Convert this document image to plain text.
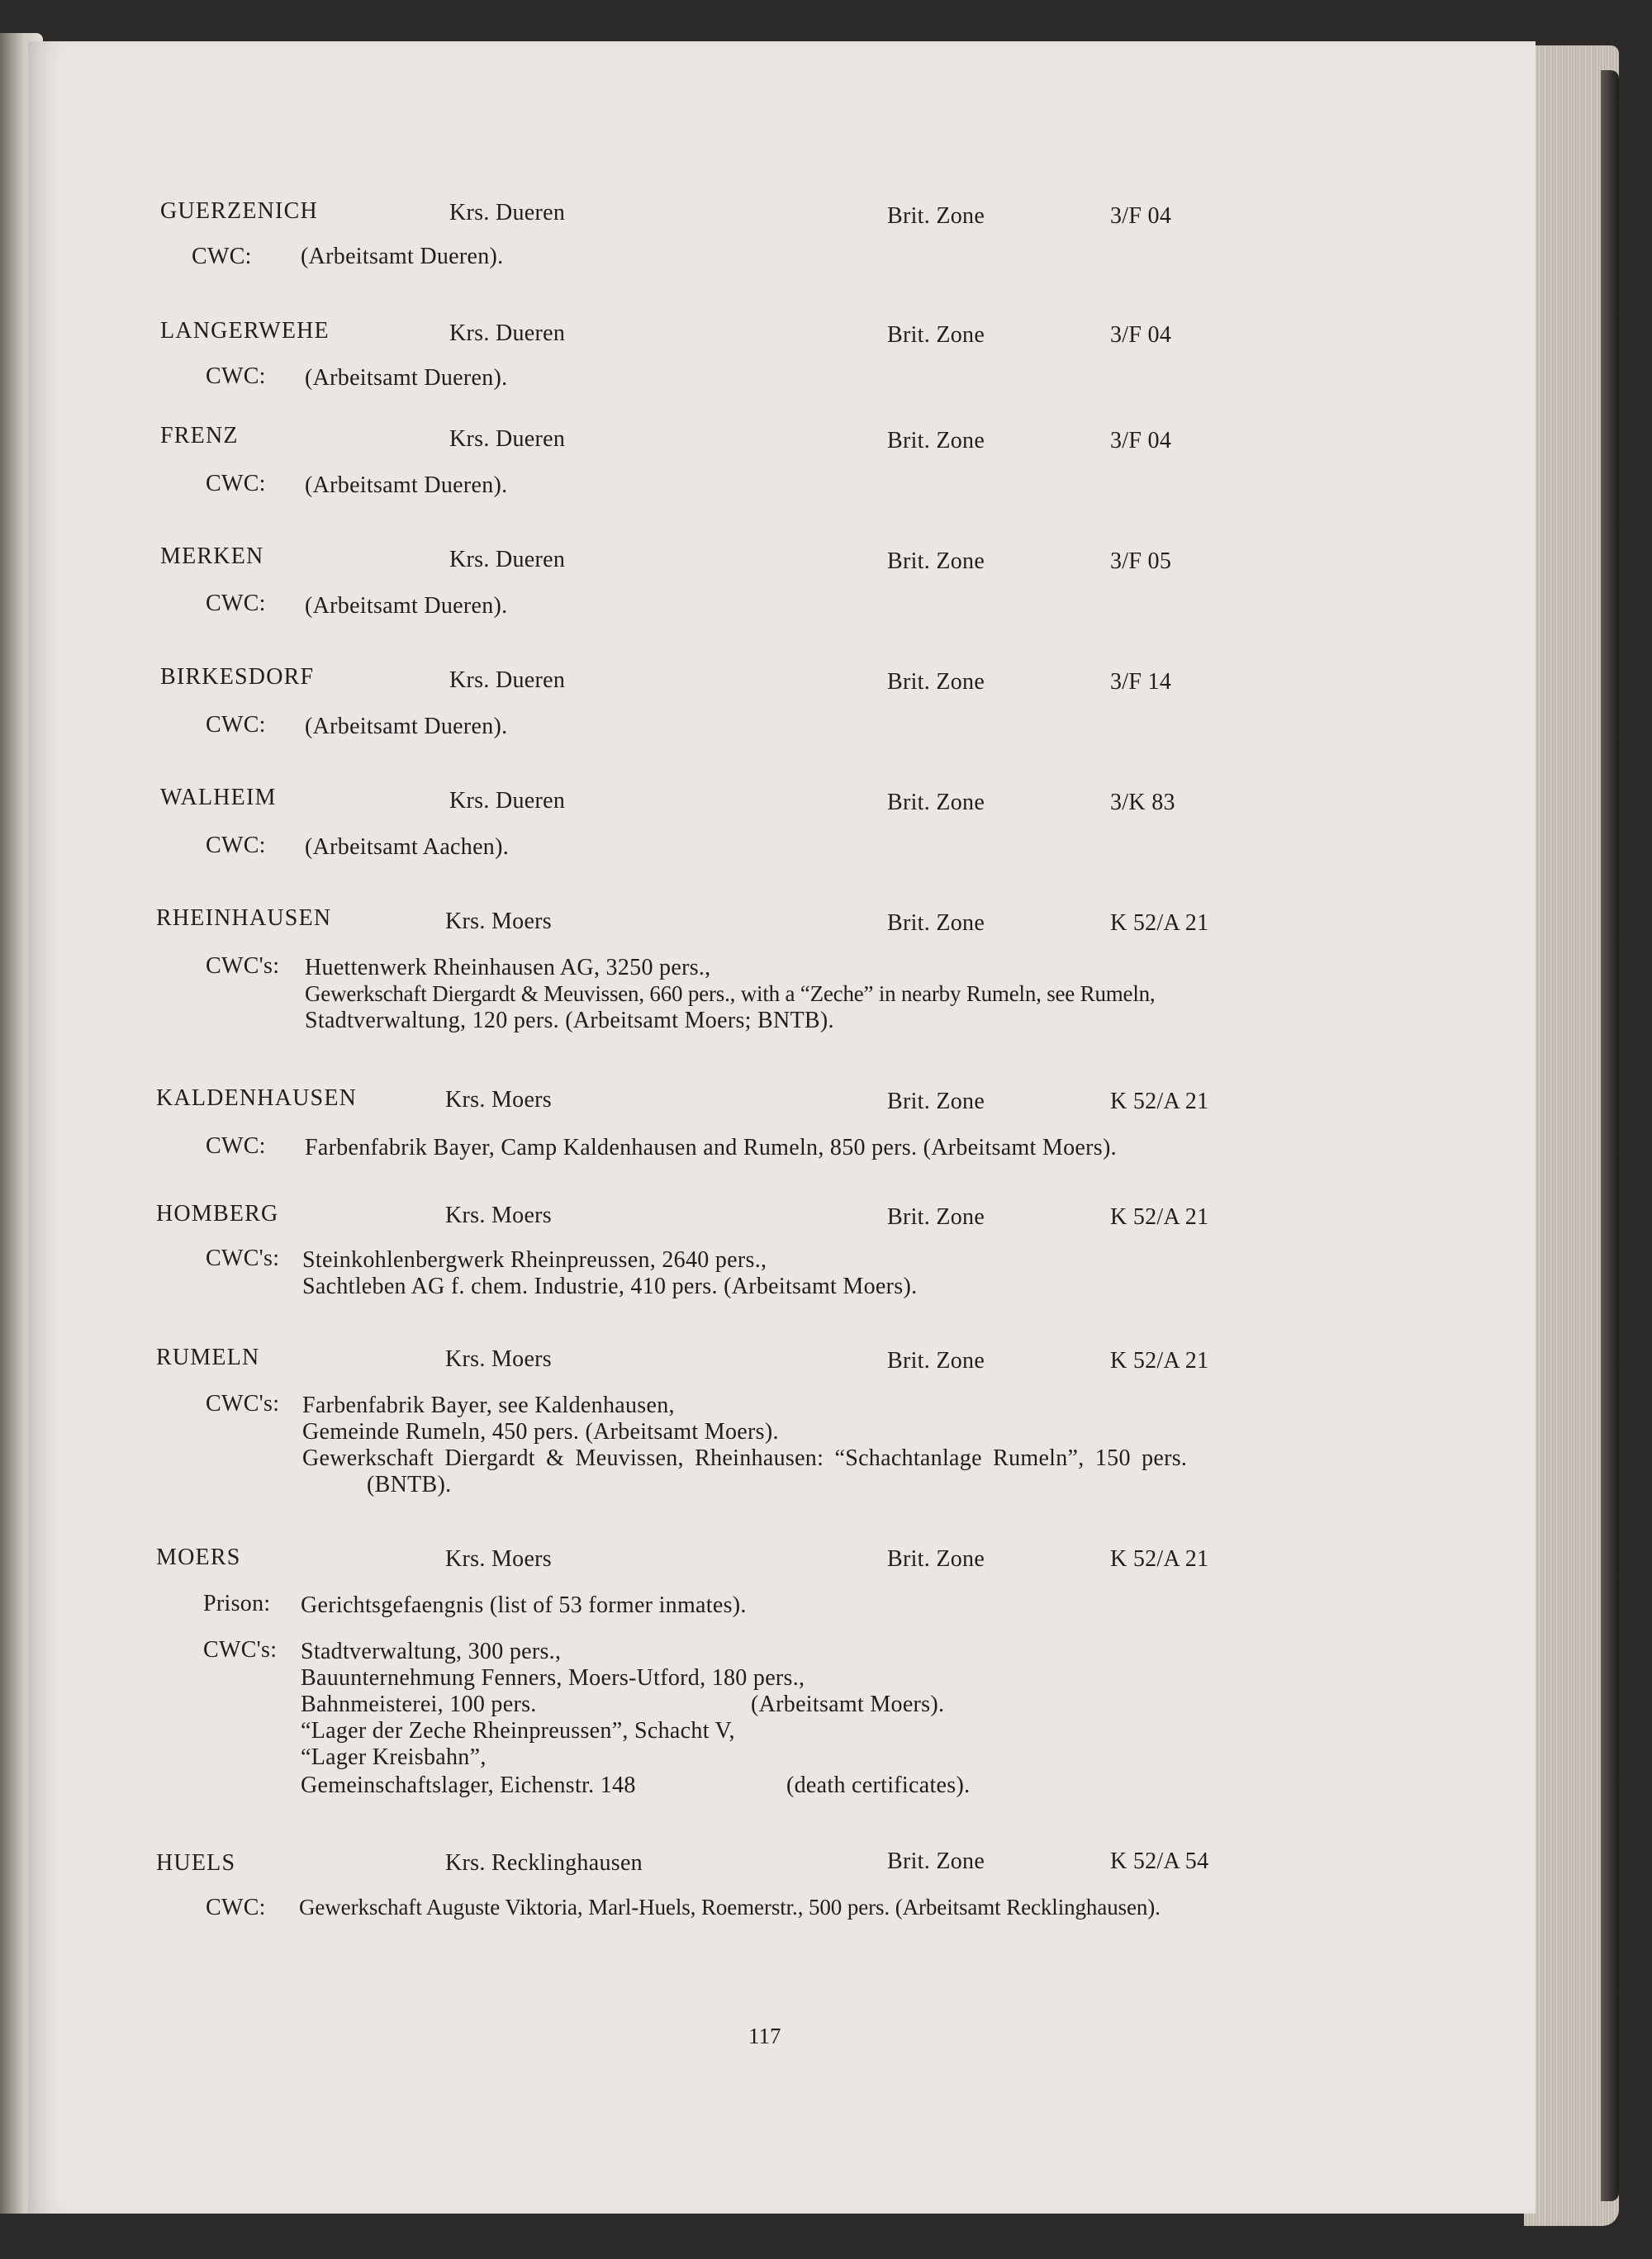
GUERZENICH	Krs. Dueren	Brit. Zone	3/F 04
CWC:	(Arbeitsamt Dueren).
LANGERWEHE	Krs. Dueren	Brit. Zone	3/F 04
CWC: (Arbeitsamt Dueren).
FRENZ	Krs. Dueren	Brit. Zone	3/F 04
CWC: (Arbeitsamt Dueren).
MERKEN	Krs. Dueren	Brit. Zone	3/F 05
CWC: (Arbeitsamt Dueren).
BIRKESDORF	Krs. Dueren	Brit. Zone	3/F 14
CWC: (Arbeitsamt Dueren).
WALHEIM	Krs. Dueren	Brit. Zone	3/K 83
CWC: (Arbeitsamt Aachen).
RHEINHAUSEN	Krs. Moers	Brit. Zone	K 52/A 21
CWC's: Huettenwerk Rheinhausen AG, 3250 pers.,
Gewerkschaft Diergardt & Meuvissen, 660 pers., with a “Zeche” in nearby Rumeln, see Rumeln,
Stadtverwaltung, 120 pers. (Arbeitsamt Moers; BNTB).
KALDENHAUSEN	Krs. Moers	Brit. Zone	K 52/A 21
CWC: Farbenfabrik Bayer, Camp Kaldenhausen and Rumeln, 850 pers. (Arbeitsamt Moers).
HOMBERG	Krs. Moers	Brit. Zone	K 52/A 21
CWC's: Steinkohlenbergwerk Rheinpreussen, 2640 pers.,
Sachtleben AG f. chem. Industrie, 410 pers. (Arbeitsamt Moers).
RUMELN	Krs. Moers	Brit. Zone	K 52/A 21
CWC's: Farbenfabrik Bayer, see Kaldenhausen,
Gemeinde Rumeln, 450 pers. (Arbeitsamt Moers).
Gewerkschaft Diergardt & Meuvissen, Rheinhausen: “Schachtanlage Rumeln”, 150 pers.
(BNTB).
MOERS	Krs. Moers	Brit. Zone	K 52/A 21
Prison: Gerichtsgefaengnis (list of 53 former inmates).
CWC's: Stadtverwaltung, 300 pers.,
Bauunternehmung Fenners, Moers-Utford, 180 pers.,
Bahnmeisterei, 100 pers.	(Arbeitsamt Moers).
“Lager der Zeche Rheinpreussen”, Schacht V,
“Lager Kreisbahn”,
Gemeinschaftslager, Eichenstr. 148	(death certificates).
HUELS	Krs. Recklinghausen	Brit. Zone	K 52/A 54
CWC: Gewerkschaft Auguste Viktoria, Marl-Huels, Roemerstr., 500 pers. (Arbeitsamt Recklinghausen).
117
